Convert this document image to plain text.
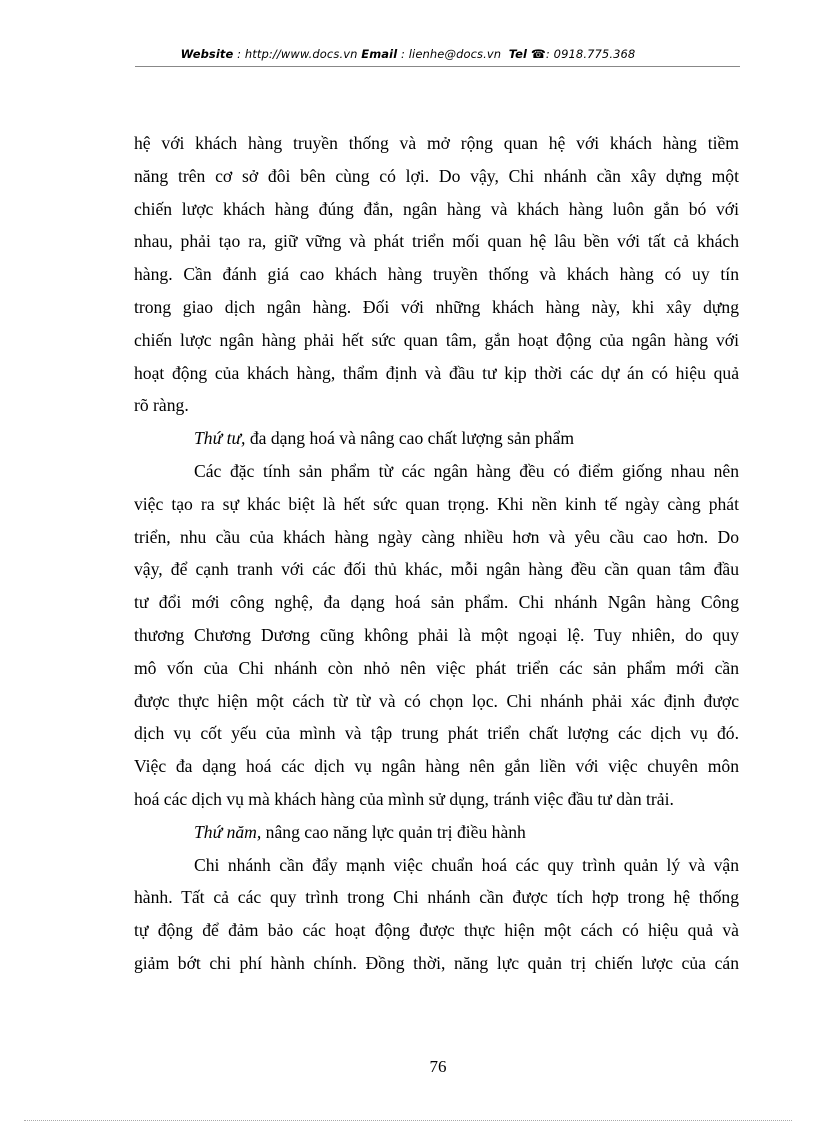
Website : http://www.docs.vn Email : lienhe@docs.vn Tel ☎: 0918.775.368
hệ với khách hàng truyền thống và mở rộng quan hệ với khách hàng tiềm
năng trên cơ sở đôi bên cùng có lợi. Do vậy, Chi nhánh cần xây dựng một
chiến lược khách hàng đúng đắn, ngân hàng và khách hàng luôn gắn bó với
nhau, phải tạo ra, giữ vững và phát triển mối quan hệ lâu bền với tất cả khách
hàng. Cần đánh giá cao khách hàng truyền thống và khách hàng có uy tín
trong giao dịch ngân hàng. Đối với những khách hàng này, khi xây dựng
chiến lược ngân hàng phải hết sức quan tâm, gắn hoạt động của ngân hàng với
hoạt động của khách hàng, thẩm định và đầu tư kịp thời các dự án có hiệu quả
rõ ràng.
Thứ tư, đa dạng hoá và nâng cao chất lượng sản phẩm
Các đặc tính sản phẩm từ các ngân hàng đều có điểm giống nhau nên
việc tạo ra sự khác biệt là hết sức quan trọng. Khi nền kinh tế ngày càng phát
triển, nhu cầu của khách hàng ngày càng nhiều hơn và yêu cầu cao hơn. Do
vậy, để cạnh tranh với các đối thủ khác, mỗi ngân hàng đều cần quan tâm đầu
tư đổi mới công nghệ, đa dạng hoá sản phẩm. Chi nhánh Ngân hàng Công
thương Chương Dương cũng không phải là một ngoại lệ. Tuy nhiên, do quy
mô vốn của Chi nhánh còn nhỏ nên việc phát triển các sản phẩm mới cần
được thực hiện một cách từ từ và có chọn lọc. Chi nhánh phải xác định được
dịch vụ cốt yếu của mình và tập trung phát triển chất lượng các dịch vụ đó.
Việc đa dạng hoá các dịch vụ ngân hàng nên gắn liền với việc chuyên môn
hoá các dịch vụ mà khách hàng của mình sử dụng, tránh việc đầu tư dàn trải.
Thứ năm, nâng cao năng lực quản trị điều hành
Chi nhánh cần đẩy mạnh việc chuẩn hoá các quy trình quản lý và vận
hành. Tất cả các quy trình trong Chi nhánh cần được tích hợp trong hệ thống
tự động để đảm bảo các hoạt động được thực hiện một cách có hiệu quả và
giảm bớt chi phí hành chính. Đồng thời, năng lực quản trị chiến lược của cán
76
